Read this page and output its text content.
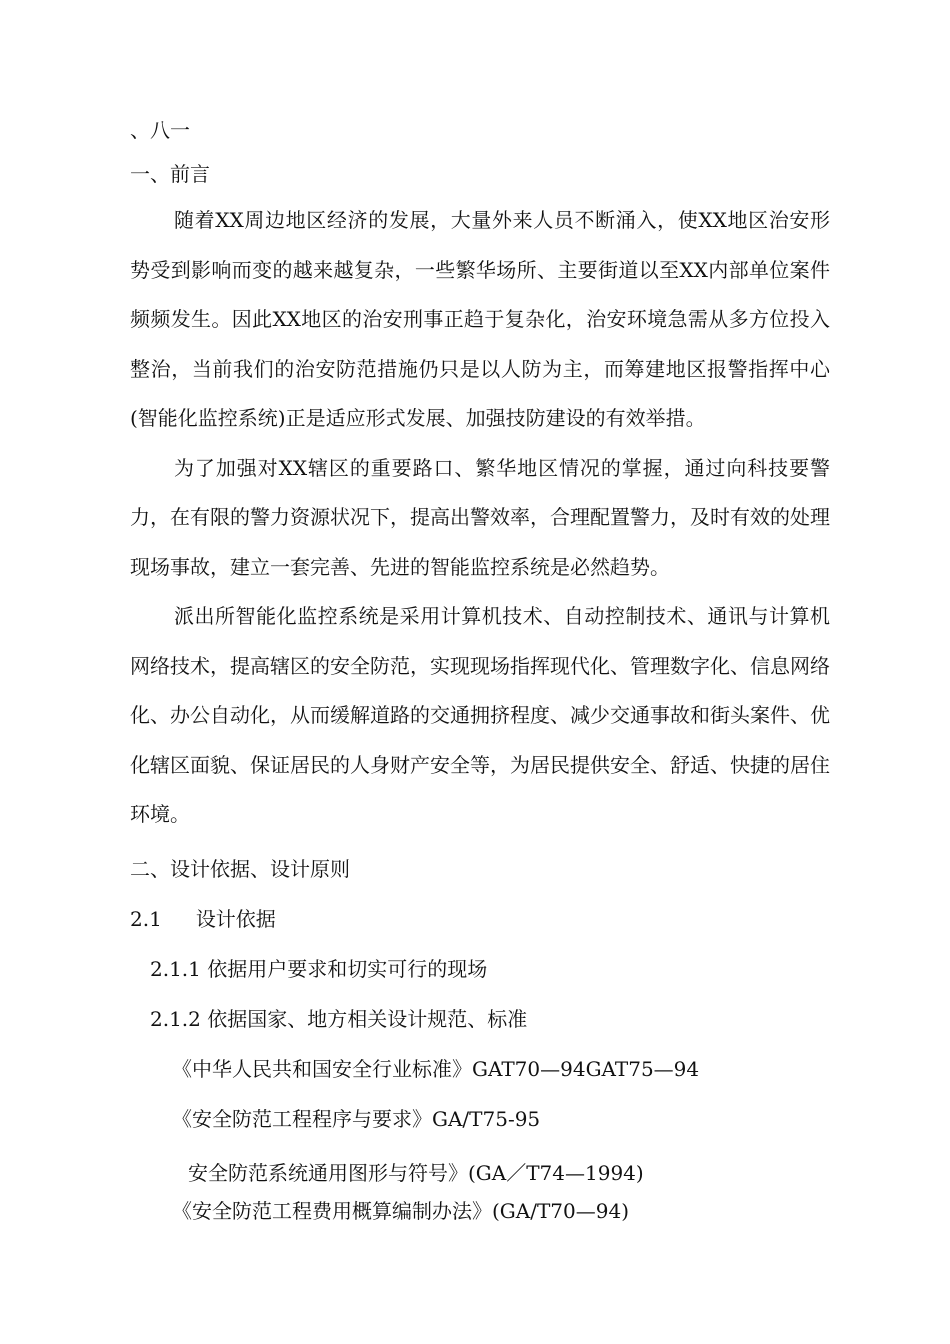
、八一
一、前言

随着XX周边地区经济的发展，大量外来人员不断涌入，使XX地区治安形势受到影响而变的越来越复杂，一些繁华场所、主要街道以至XX内部单位案件频频发生。因此XX地区的治安刑事正趋于复杂化，治安环境急需从多方位投入整治，当前我们的治安防范措施仍只是以人防为主，而筹建地区报警指挥中心(智能化监控系统)正是适应形式发展、加强技防建设的有效举措。

为了加强对XX辖区的重要路口、繁华地区情况的掌握，通过向科技要警力，在有限的警力资源状况下，提高出警效率，合理配置警力，及时有效的处理现场事故，建立一套完善、先进的智能监控系统是必然趋势。

派出所智能化监控系统是采用计算机技术、自动控制技术、通讯与计算机网络技术，提高辖区的安全防范，实现现场指挥现代化、管理数字化、信息网络化、办公自动化，从而缓解道路的交通拥挤程度、减少交通事故和街头案件、优化辖区面貌、保证居民的人身财产安全等，为居民提供安全、舒适、快捷的居住环境。

二、设计依据、设计原则
2.1 设计依据
2.1.1 依据用户要求和切实可行的现场
2.1.2 依据国家、地方相关设计规范、标准
《中华人民共和国安全行业标准》GAT70—94GAT75—94
《安全防范工程程序与要求》GA/T75-95
安全防范系统通用图形与符号》(GA／T74—1994)
《安全防范工程费用概算编制办法》(GA/T70—94)
